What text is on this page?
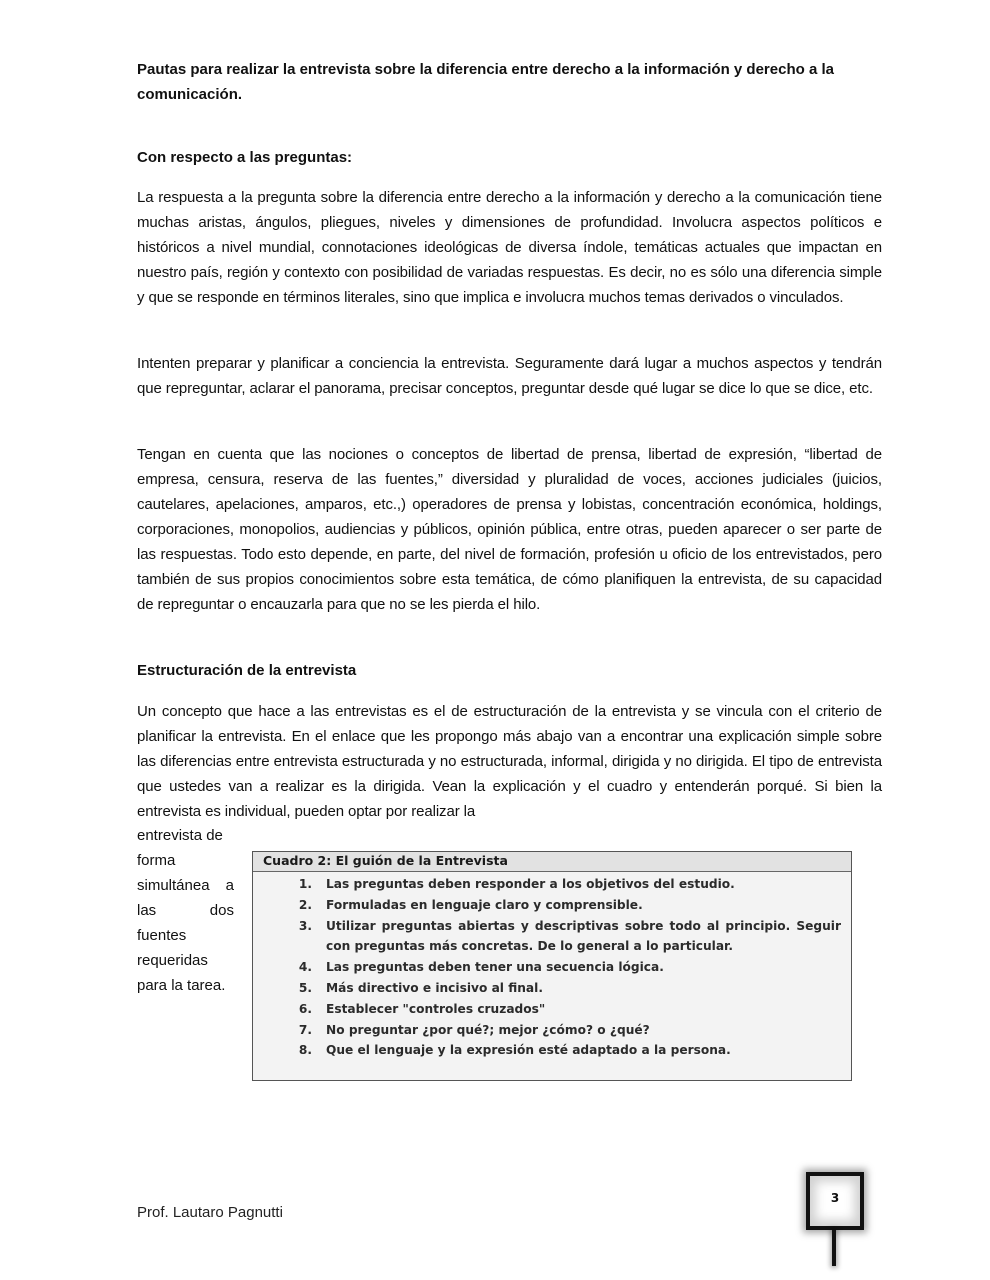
Pautas para realizar la entrevista sobre la diferencia entre derecho a la información y derecho a la comunicación.
Con respecto a las preguntas:

La respuesta a la pregunta sobre la diferencia entre derecho a la información y derecho a la comunicación tiene muchas aristas, ángulos, pliegues, niveles y dimensiones de profundidad. Involucra aspectos políticos e históricos a nivel mundial, connotaciones ideológicas de diversa índole, temáticas actuales que impactan en nuestro país, región y contexto con posibilidad de variadas respuestas. Es decir, no es sólo una diferencia simple y que se responde en términos literales, sino que implica e involucra muchos temas derivados o vinculados.

Intenten preparar y planificar a conciencia la entrevista. Seguramente dará lugar a muchos aspectos y tendrán que repreguntar, aclarar el panorama, precisar conceptos, preguntar desde qué lugar se dice lo que se dice, etc.

Tengan en cuenta que las nociones o conceptos de libertad de prensa, libertad de expresión, “libertad de empresa, censura, reserva de las fuentes,” diversidad y pluralidad de voces, acciones judiciales (juicios, cautelares, apelaciones, amparos, etc.,) operadores de prensa y lobistas, concentración económica, holdings, corporaciones, monopolios, audiencias y públicos, opinión pública, entre otras, pueden aparecer o ser parte de las respuestas. Todo esto depende, en parte, del nivel de formación, profesión u oficio de los entrevistados, pero también de sus propios conocimientos sobre esta temática, de cómo planifiquen la entrevista, de su capacidad de repreguntar o encauzarla para que no se les pierda el hilo.

Estructuración de la entrevista

Un concepto que hace a las entrevistas es el de estructuración de la entrevista y se vincula con el criterio de planificar la entrevista. En el enlace que les propongo más abajo van a encontrar una explicación simple sobre las diferencias entre entrevista estructurada y no estructurada, informal, dirigida y no dirigida. El tipo de entrevista que ustedes van a realizar es la dirigida. Vean la explicación y el cuadro y entenderán porqué. Si bien la entrevista es individual, pueden optar por realizar la

entrevista de
forma
simultánea a
las dos
fuentes
requeridas
para la tarea.
Cuadro 2: El guión de la Entrevista
1.	Las preguntas deben responder a los objetivos del estudio.
2.	Formuladas en lenguaje claro y comprensible.
3.	Utilizar preguntas abiertas y descriptivas sobre todo al principio. Seguir con preguntas más concretas. De lo general a lo particular.
4.	Las preguntas deben tener una secuencia lógica.
5.	Más directivo e incisivo al final.
6.	Establecer "controles cruzados"
7.	No preguntar ¿por qué?; mejor ¿cómo? o ¿qué?
8.	Que el lenguaje y la expresión esté adaptado a la persona.
Prof. Lautaro Pagnutti
3
